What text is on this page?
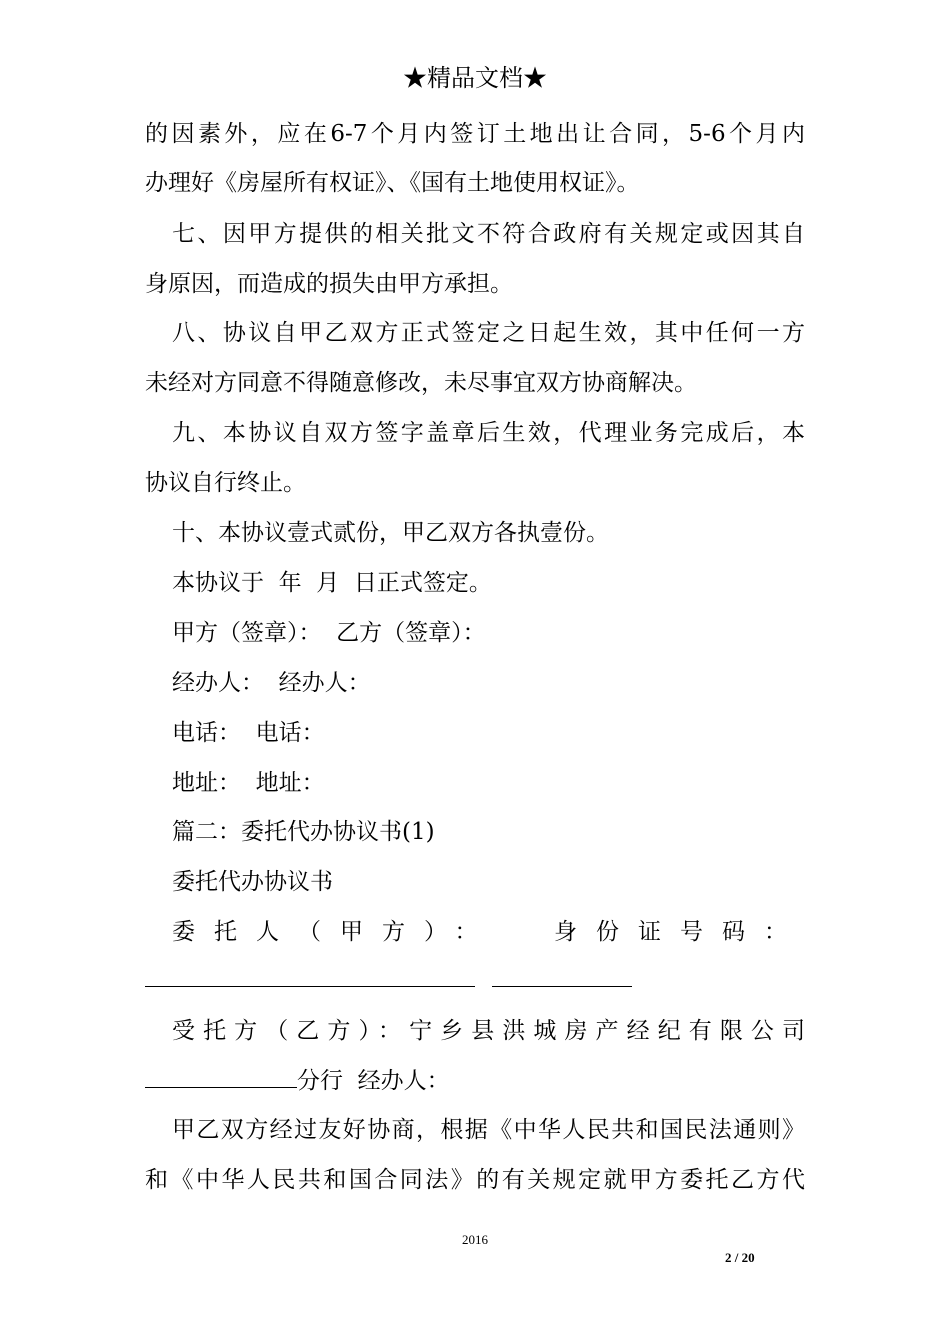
★精品文档★
的因素外，应在6-7个月内签订土地出让合同，5-6个月内
办理好《房屋所有权证》、《国有土地使用权证》。
七、因甲方提供的相关批文不符合政府有关规定或因其自
身原因，而造成的损失由甲方承担。
八、协议自甲乙双方正式签定之日起生效，其中任何一方
未经对方同意不得随意修改，未尽事宜双方协商解决。
九、本协议自双方签字盖章后生效，代理业务完成后，本
协议自行终止。
十、本协议壹式贰份，甲乙双方各执壹份。
本协议于  年  月  日正式签定。
甲方（签章）：  乙方（签章）：
经办人：  经办人：
电话：  电话：
地址：  地址：
篇二：委托代办协议书(1)
委托代办协议书
委托人（甲方）：	身份证号码：
受托方（乙方）：宁乡县洪城房产经纪有限公司
分行  经办人：
甲乙双方经过友好协商，根据《中华人民共和国民法通则》
和《中华人民共和国合同法》的有关规定就甲方委托乙方代
2016
2 / 20
